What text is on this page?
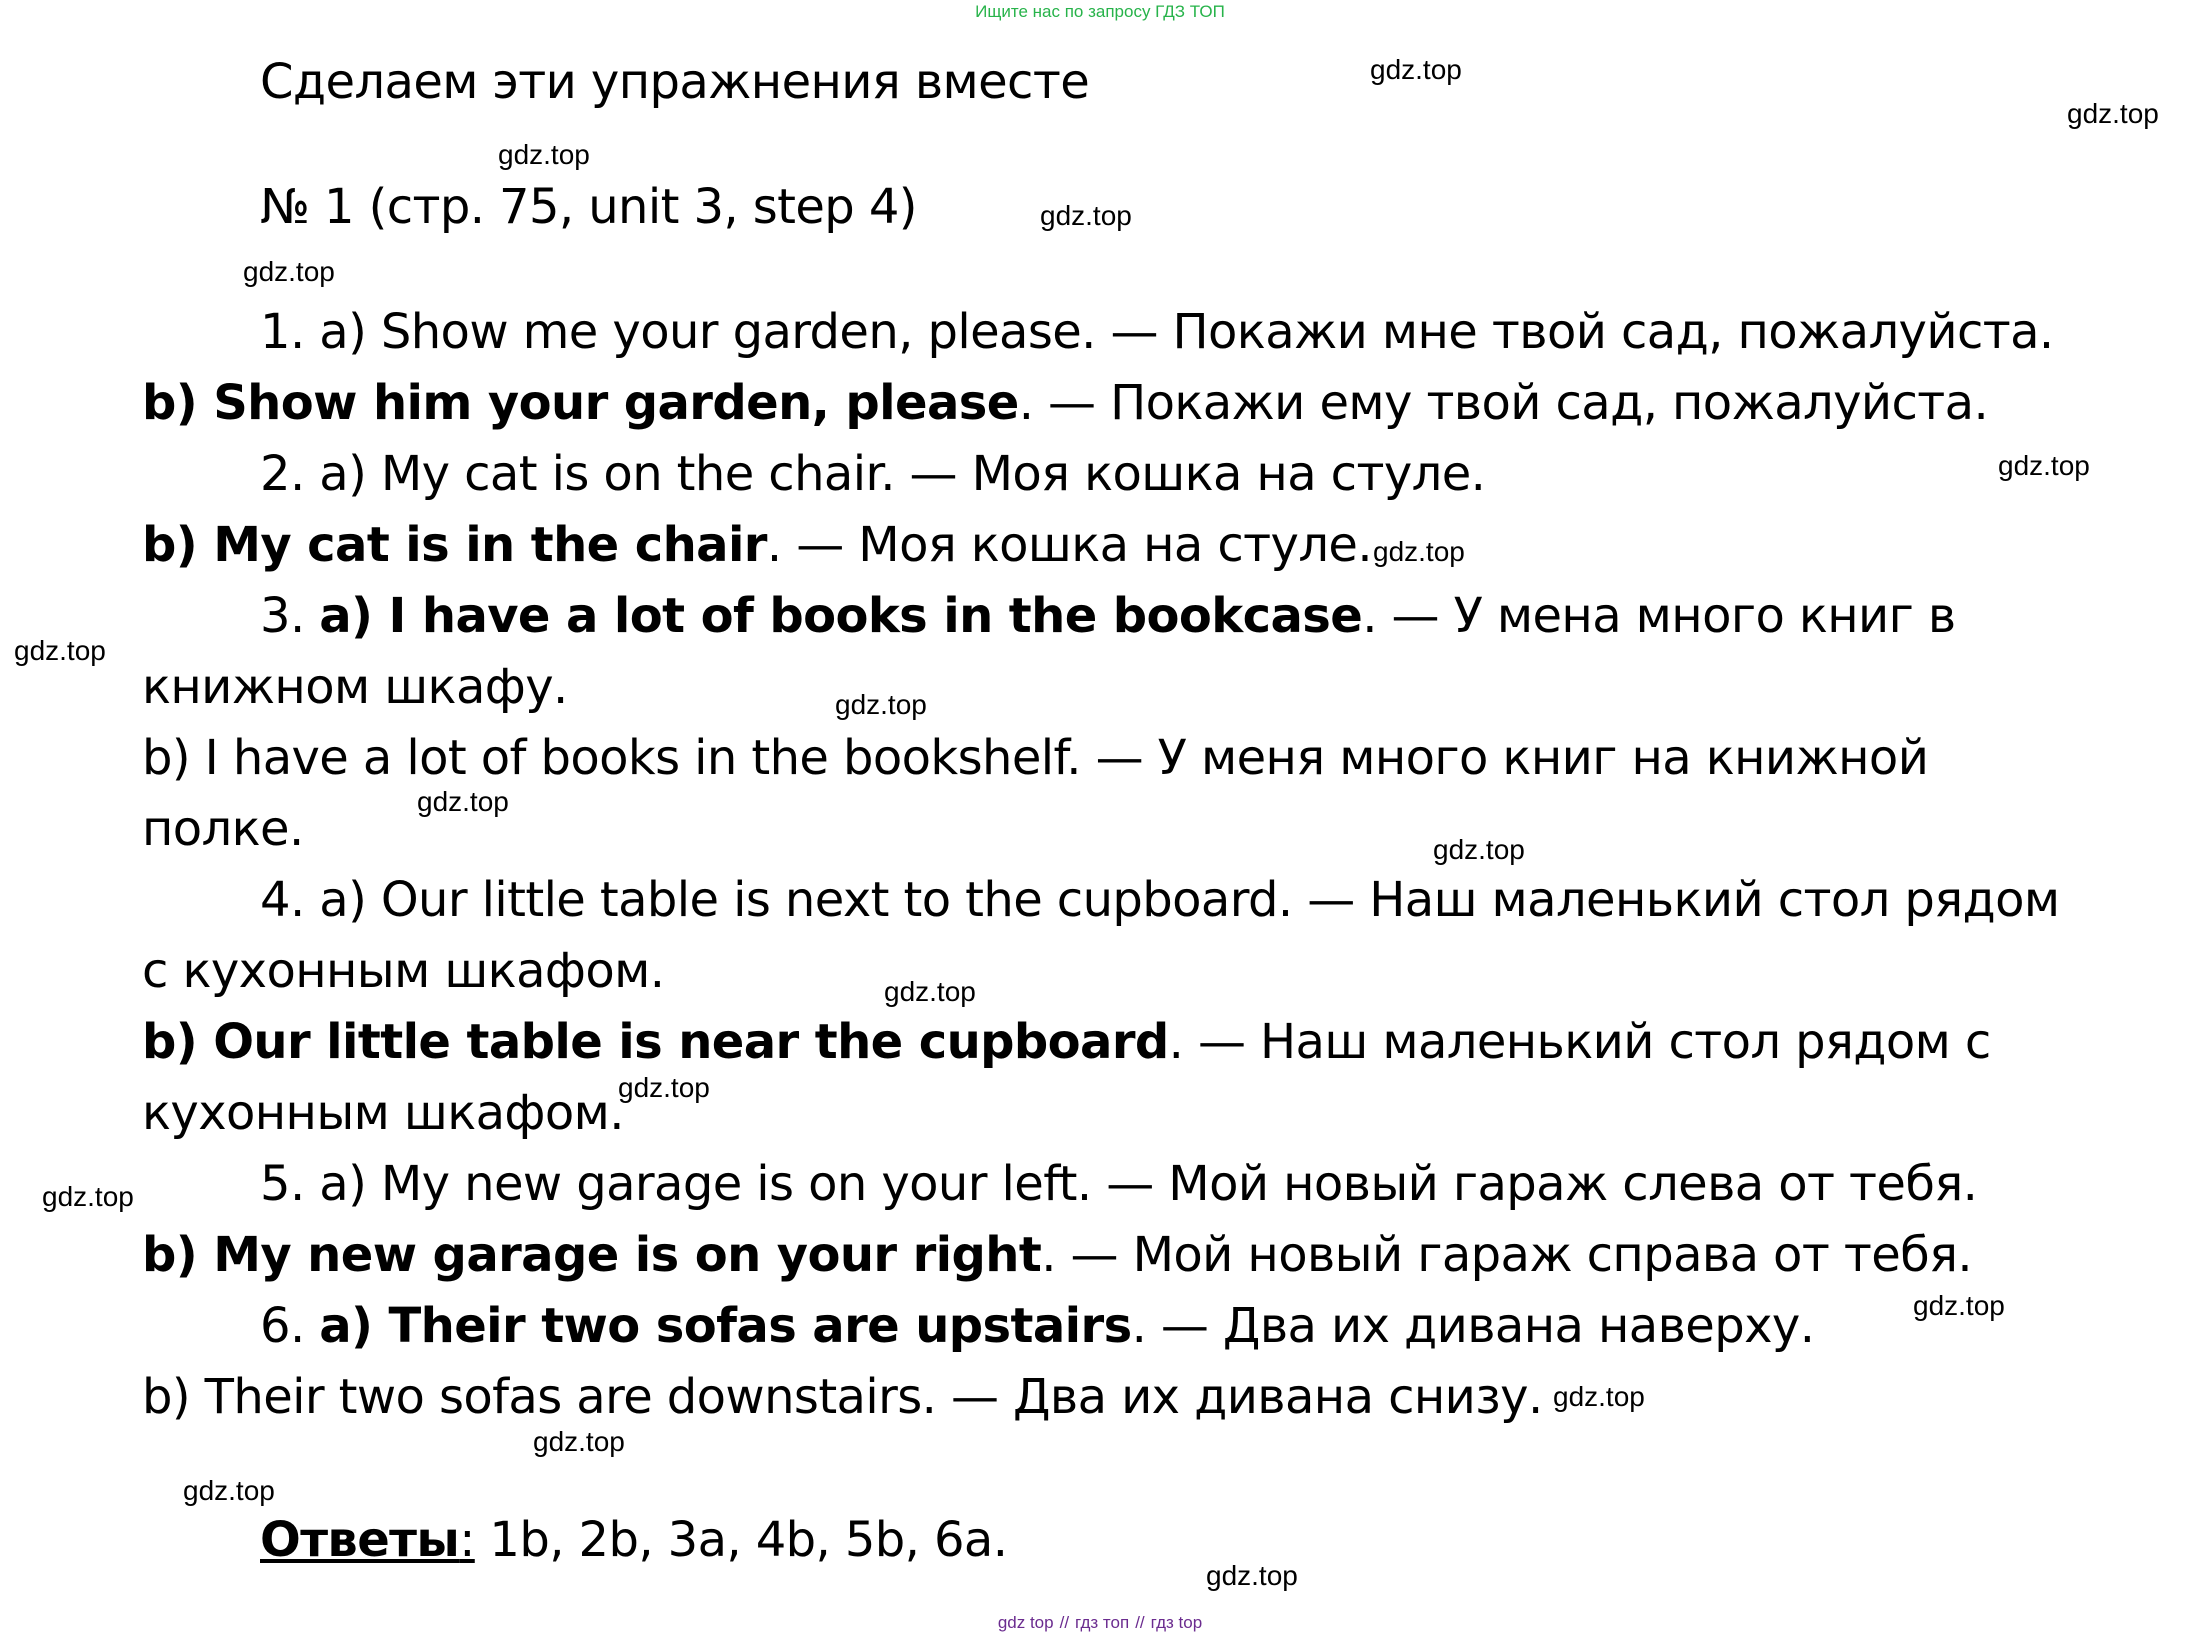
Ищите нас по запросу ГДЗ ТОП
Сделаем эти упражнения вместе
№ 1 (стр. 75, unit 3, step 4)
1. a) Show me your garden, please. — Покажи мне твой сад, пожалуйста.
b) Show him your garden, please. — Покажи ему твой сад, пожалуйста.
2. a) My cat is on the chair. — Моя кошка на стуле.
b) My cat is in the chair. — Моя кошка на стуле.
3. a) I have a lot of books in the bookcase. — У мена много книг в
книжном шкафу.
b) I have a lot of books in the bookshelf. — У меня много книг на книжной
полке.
4. a) Our little table is next to the cupboard. — Наш маленький стол рядом
с кухонным шкафом.
b) Our little table is near the cupboard. — Наш маленький стол рядом с
кухонным шкафом.
5. a) My new garage is on your left. — Мой новый гараж слева от тебя.
b) My new garage is on your right. — Мой новый гараж справа от тебя.
6. a) Their two sofas are upstairs. — Два их дивана наверху.
b) Their two sofas are downstairs. — Два их дивана снизу.
Ответы: 1b, 2b, 3a, 4b, 5b, 6a.
gdz.top
gdz.top
gdz.top
gdz.top
gdz.top
gdz.top
gdz.top
gdz.top
gdz.top
gdz.top
gdz.top
gdz.top
gdz.top
gdz.top
gdz.top
gdz.top
gdz.top
gdz.top
gdz.top
gdz top // гдз топ // гдз top
